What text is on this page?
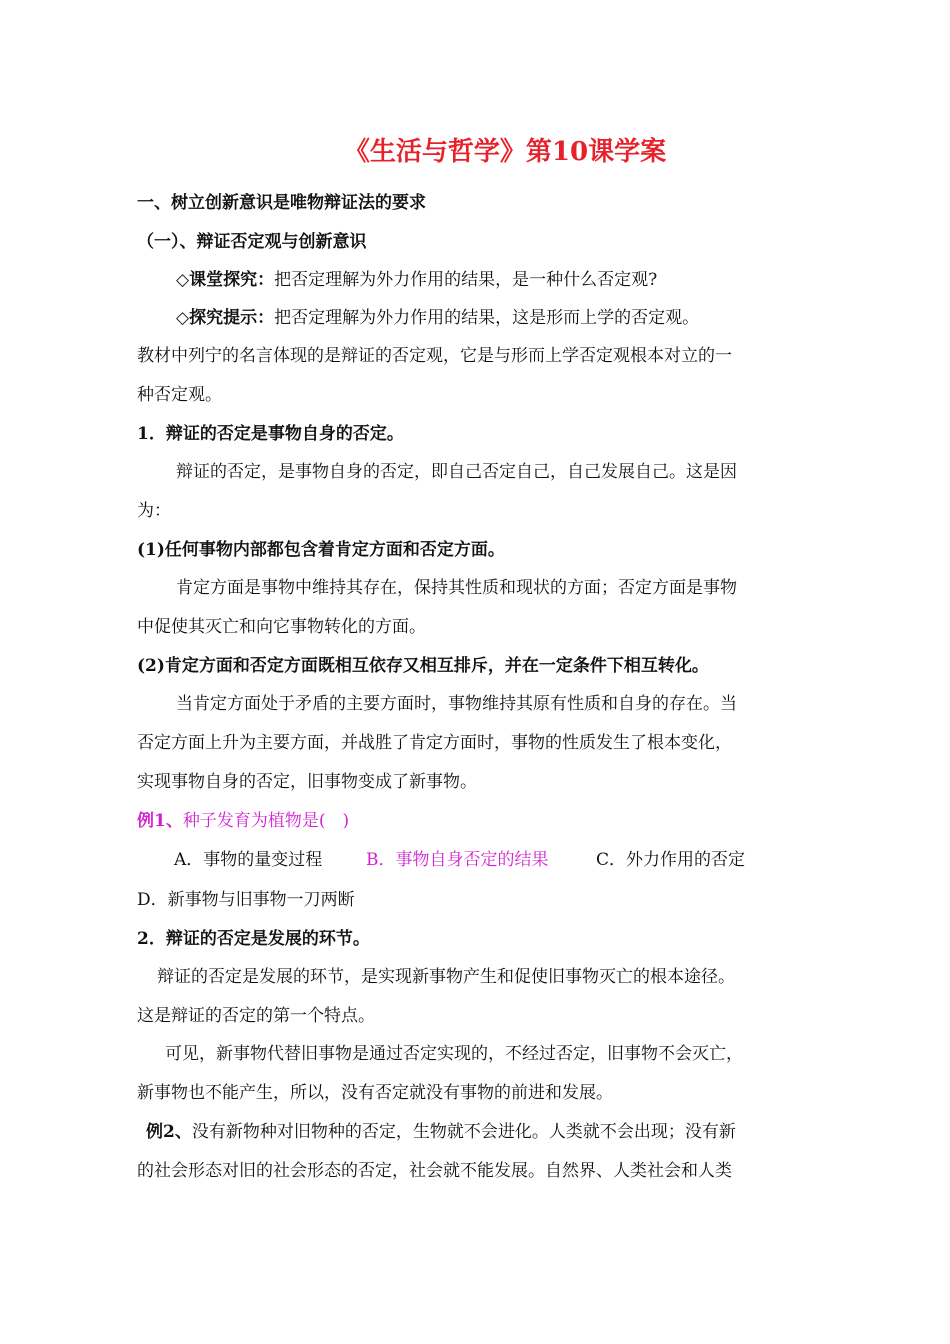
《生活与哲学》第10课学案
一、树立创新意识是唯物辩证法的要求
（一）、辩证否定观与创新意识
◇课堂探究：把否定理解为外力作用的结果，是一种什么否定观?
◇探究提示：把否定理解为外力作用的结果，这是形而上学的否定观。
教材中列宁的名言体现的是辩证的否定观，它是与形而上学否定观根本对立的一
种否定观。
1．辩证的否定是事物自身的否定。
辩证的否定，是事物自身的否定，即自己否定自己，自己发展自己。这是因
为：
(1)任何事物内部都包含着肯定方面和否定方面。
肯定方面是事物中维持其存在，保持其性质和现状的方面；否定方面是事物
中促使其灭亡和向它事物转化的方面。
(2)肯定方面和否定方面既相互依存又相互排斥，并在一定条件下相互转化。
当肯定方面处于矛盾的主要方面时，事物维持其原有性质和自身的存在。当
否定方面上升为主要方面，并战胜了肯定方面时，事物的性质发生了根本变化，
实现事物自身的否定，旧事物变成了新事物。
例1、种子发育为植物是(　)
A．事物的量变过程	B．事物自身否定的结果	C．外力作用的否定
D．新事物与旧事物一刀两断
2．辩证的否定是发展的环节。
辩证的否定是发展的环节，是实现新事物产生和促使旧事物灭亡的根本途径。
这是辩证的否定的第一个特点。
可见，新事物代替旧事物是通过否定实现的，不经过否定，旧事物不会灭亡，
新事物也不能产生，所以，没有否定就没有事物的前进和发展。
例2、没有新物种对旧物种的否定，生物就不会进化。人类就不会出现；没有新
的社会形态对旧的社会形态的否定，社会就不能发展。自然界、人类社会和人类
